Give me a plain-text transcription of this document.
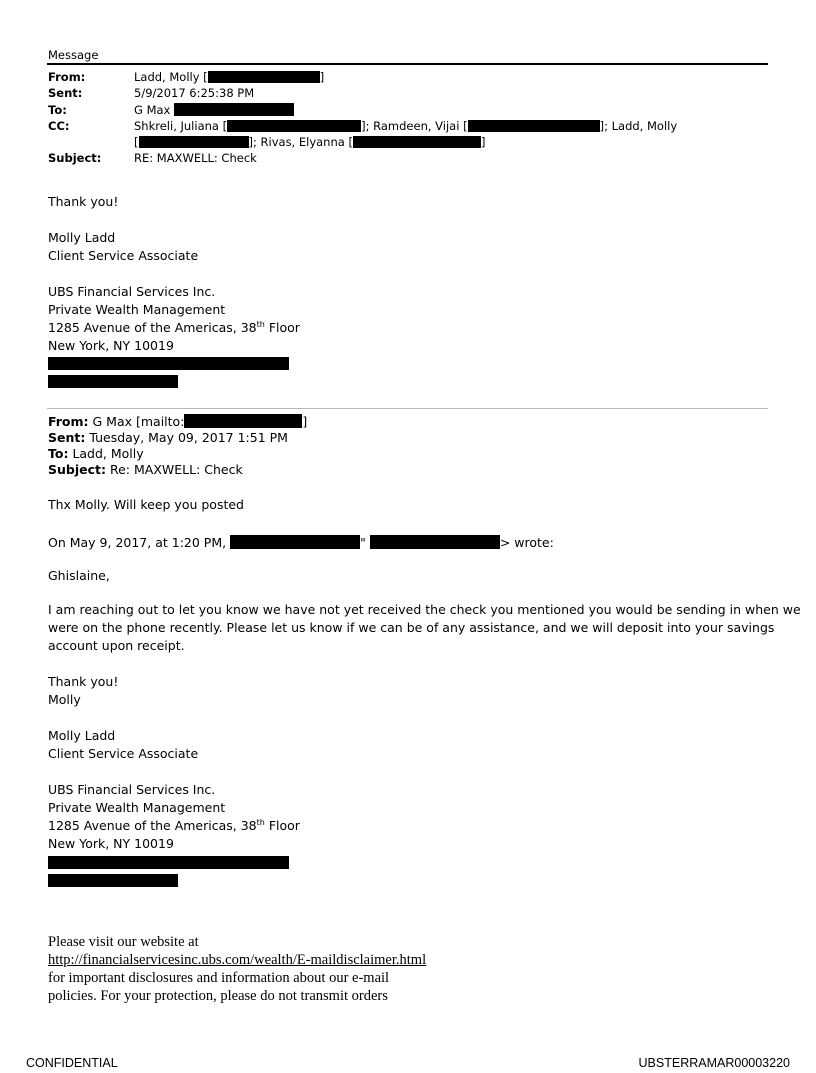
Message
From:	Ladd, Molly [	]
Sent:	5/9/2017 6:25:38 PM
To:	G Max
CC:	Shkreli, Juliana [	]; Ramdeen, Vijai [	]; Ladd, Molly
[	]; Rivas, Elyanna [	]
Subject:	RE: MAXWELL: Check
Thank you!
Molly Ladd
Client Service Associate
UBS Financial Services Inc.
Private Wealth Management
1285 Avenue of the Americas, 38th Floor
New York, NY 10019
From: G Max [mailto:	]
Sent: Tuesday, May 09, 2017 1:51 PM
To: Ladd, Molly
Subject: Re: MAXWELL: Check
Thx Molly. Will keep you posted
On May 9, 2017, at 1:20 PM,	"	> wrote:
Ghislaine,
I am reaching out to let you know we have not yet received the check you mentioned you would be sending in when we
were on the phone recently. Please let us know if we can be of any assistance, and we will deposit into your savings
account upon receipt.
Thank you!
Molly
Molly Ladd
Client Service Associate
UBS Financial Services Inc.
Private Wealth Management
1285 Avenue of the Americas, 38th Floor
New York, NY 10019
Please visit our website at
http://financialservicesinc.ubs.com/wealth/E-maildisclaimer.html
for important disclosures and information about our e-mail
policies. For your protection, please do not transmit orders
CONFIDENTIAL	UBSTERRAMAR00003220
